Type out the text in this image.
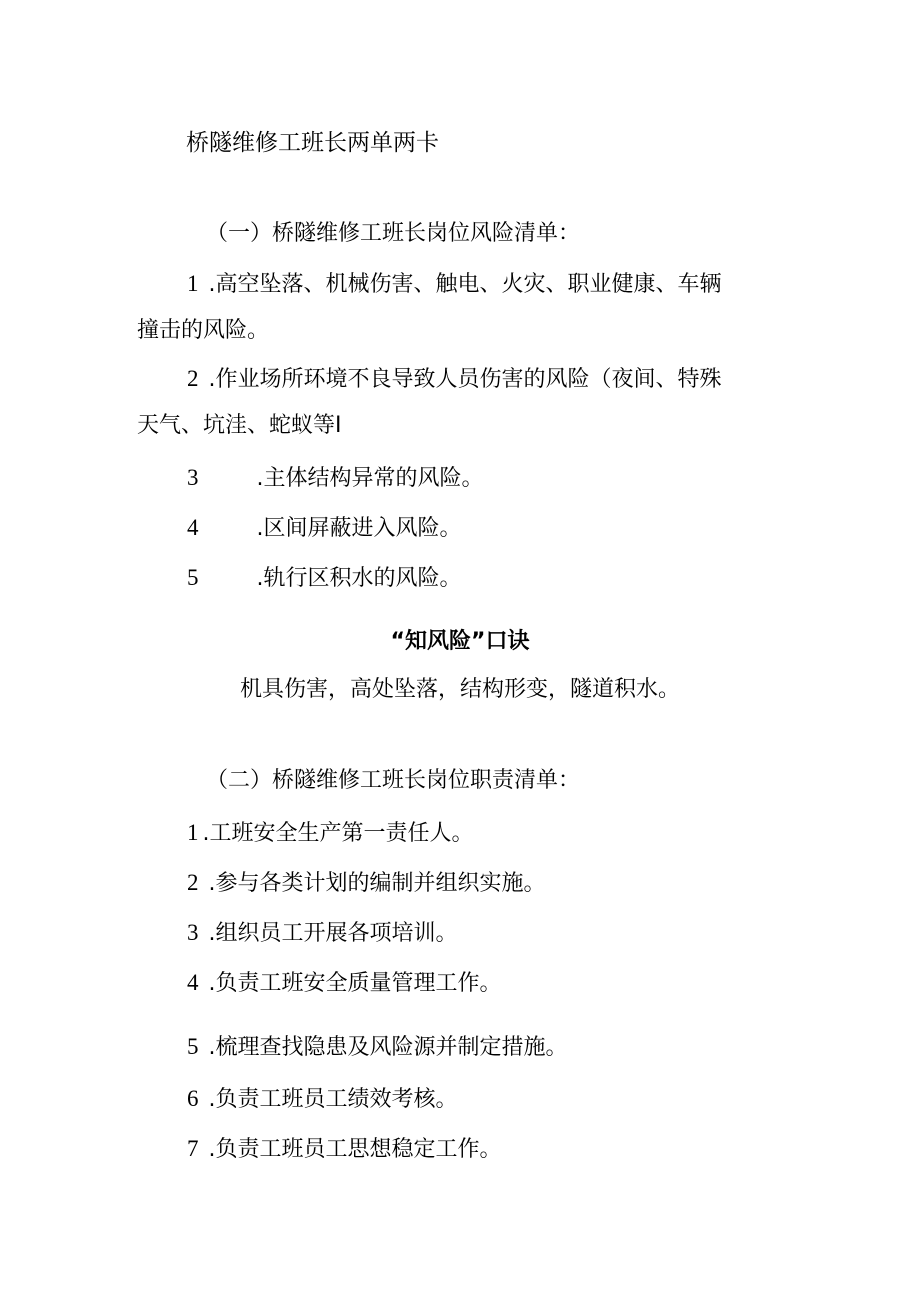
桥隧维修工班长两单两卡
（一）桥隧维修工班长岗位风险清单：
1 .高空坠落、机械伤害、触电、火灾、职业健康、车辆
撞击的风险。
2 .作业场所环境不良导致人员伤害的风险（夜间、特殊
天气、坑洼、蛇蚁等I
3	.主体结构异常的风险。
4	.区间屏蔽进入风险。
5	.轨行区积水的风险。
“知风险”口诀
机具伤害，高处坠落，结构形变，隧道积水。
（二）桥隧维修工班长岗位职责清单：
1 .工班安全生产第一责任人。
2 .参与各类计划的编制并组织实施。
3 .组织员工开展各项培训。
4 .负责工班安全质量管理工作。
5 .梳理查找隐患及风险源并制定措施。
6 .负责工班员工绩效考核。
7 .负责工班员工思想稳定工作。
